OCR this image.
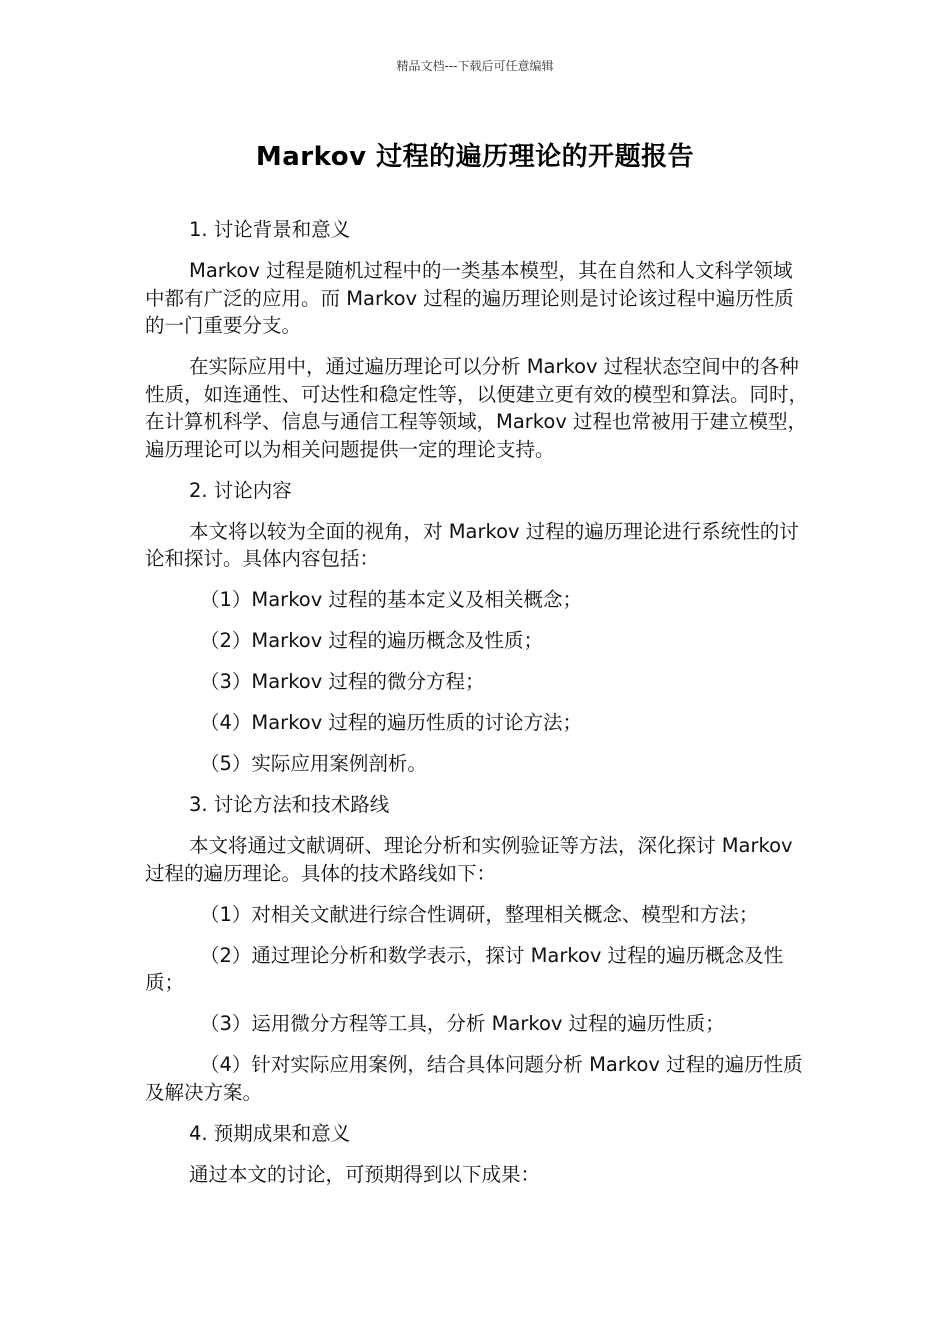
精品文档---下载后可任意编辑
Markov 过程的遍历理论的开题报告

1. 讨论背景和意义

Markov 过程是随机过程中的一类基本模型，其在自然和人文科学领域中都有广泛的应用。而 Markov 过程的遍历理论则是讨论该过程中遍历性质的一门重要分支。

在实际应用中，通过遍历理论可以分析 Markov 过程状态空间中的各种性质，如连通性、可达性和稳定性等，以便建立更有效的模型和算法。同时，在计算机科学、信息与通信工程等领域，Markov 过程也常被用于建立模型，遍历理论可以为相关问题提供一定的理论支持。

2. 讨论内容

本文将以较为全面的视角，对 Markov 过程的遍历理论进行系统性的讨论和探讨。具体内容包括：

（1）Markov 过程的基本定义及相关概念；

（2）Markov 过程的遍历概念及性质；

（3）Markov 过程的微分方程；

（4）Markov 过程的遍历性质的讨论方法；

（5）实际应用案例剖析。

3. 讨论方法和技术路线

本文将通过文献调研、理论分析和实例验证等方法，深化探讨 Markov 过程的遍历理论。具体的技术路线如下：

（1）对相关文献进行综合性调研，整理相关概念、模型和方法；

（2）通过理论分析和数学表示，探讨 Markov 过程的遍历概念及性质；

（3）运用微分方程等工具，分析 Markov 过程的遍历性质；

（4）针对实际应用案例，结合具体问题分析 Markov 过程的遍历性质及解决方案。

4. 预期成果和意义

通过本文的讨论，可预期得到以下成果：
